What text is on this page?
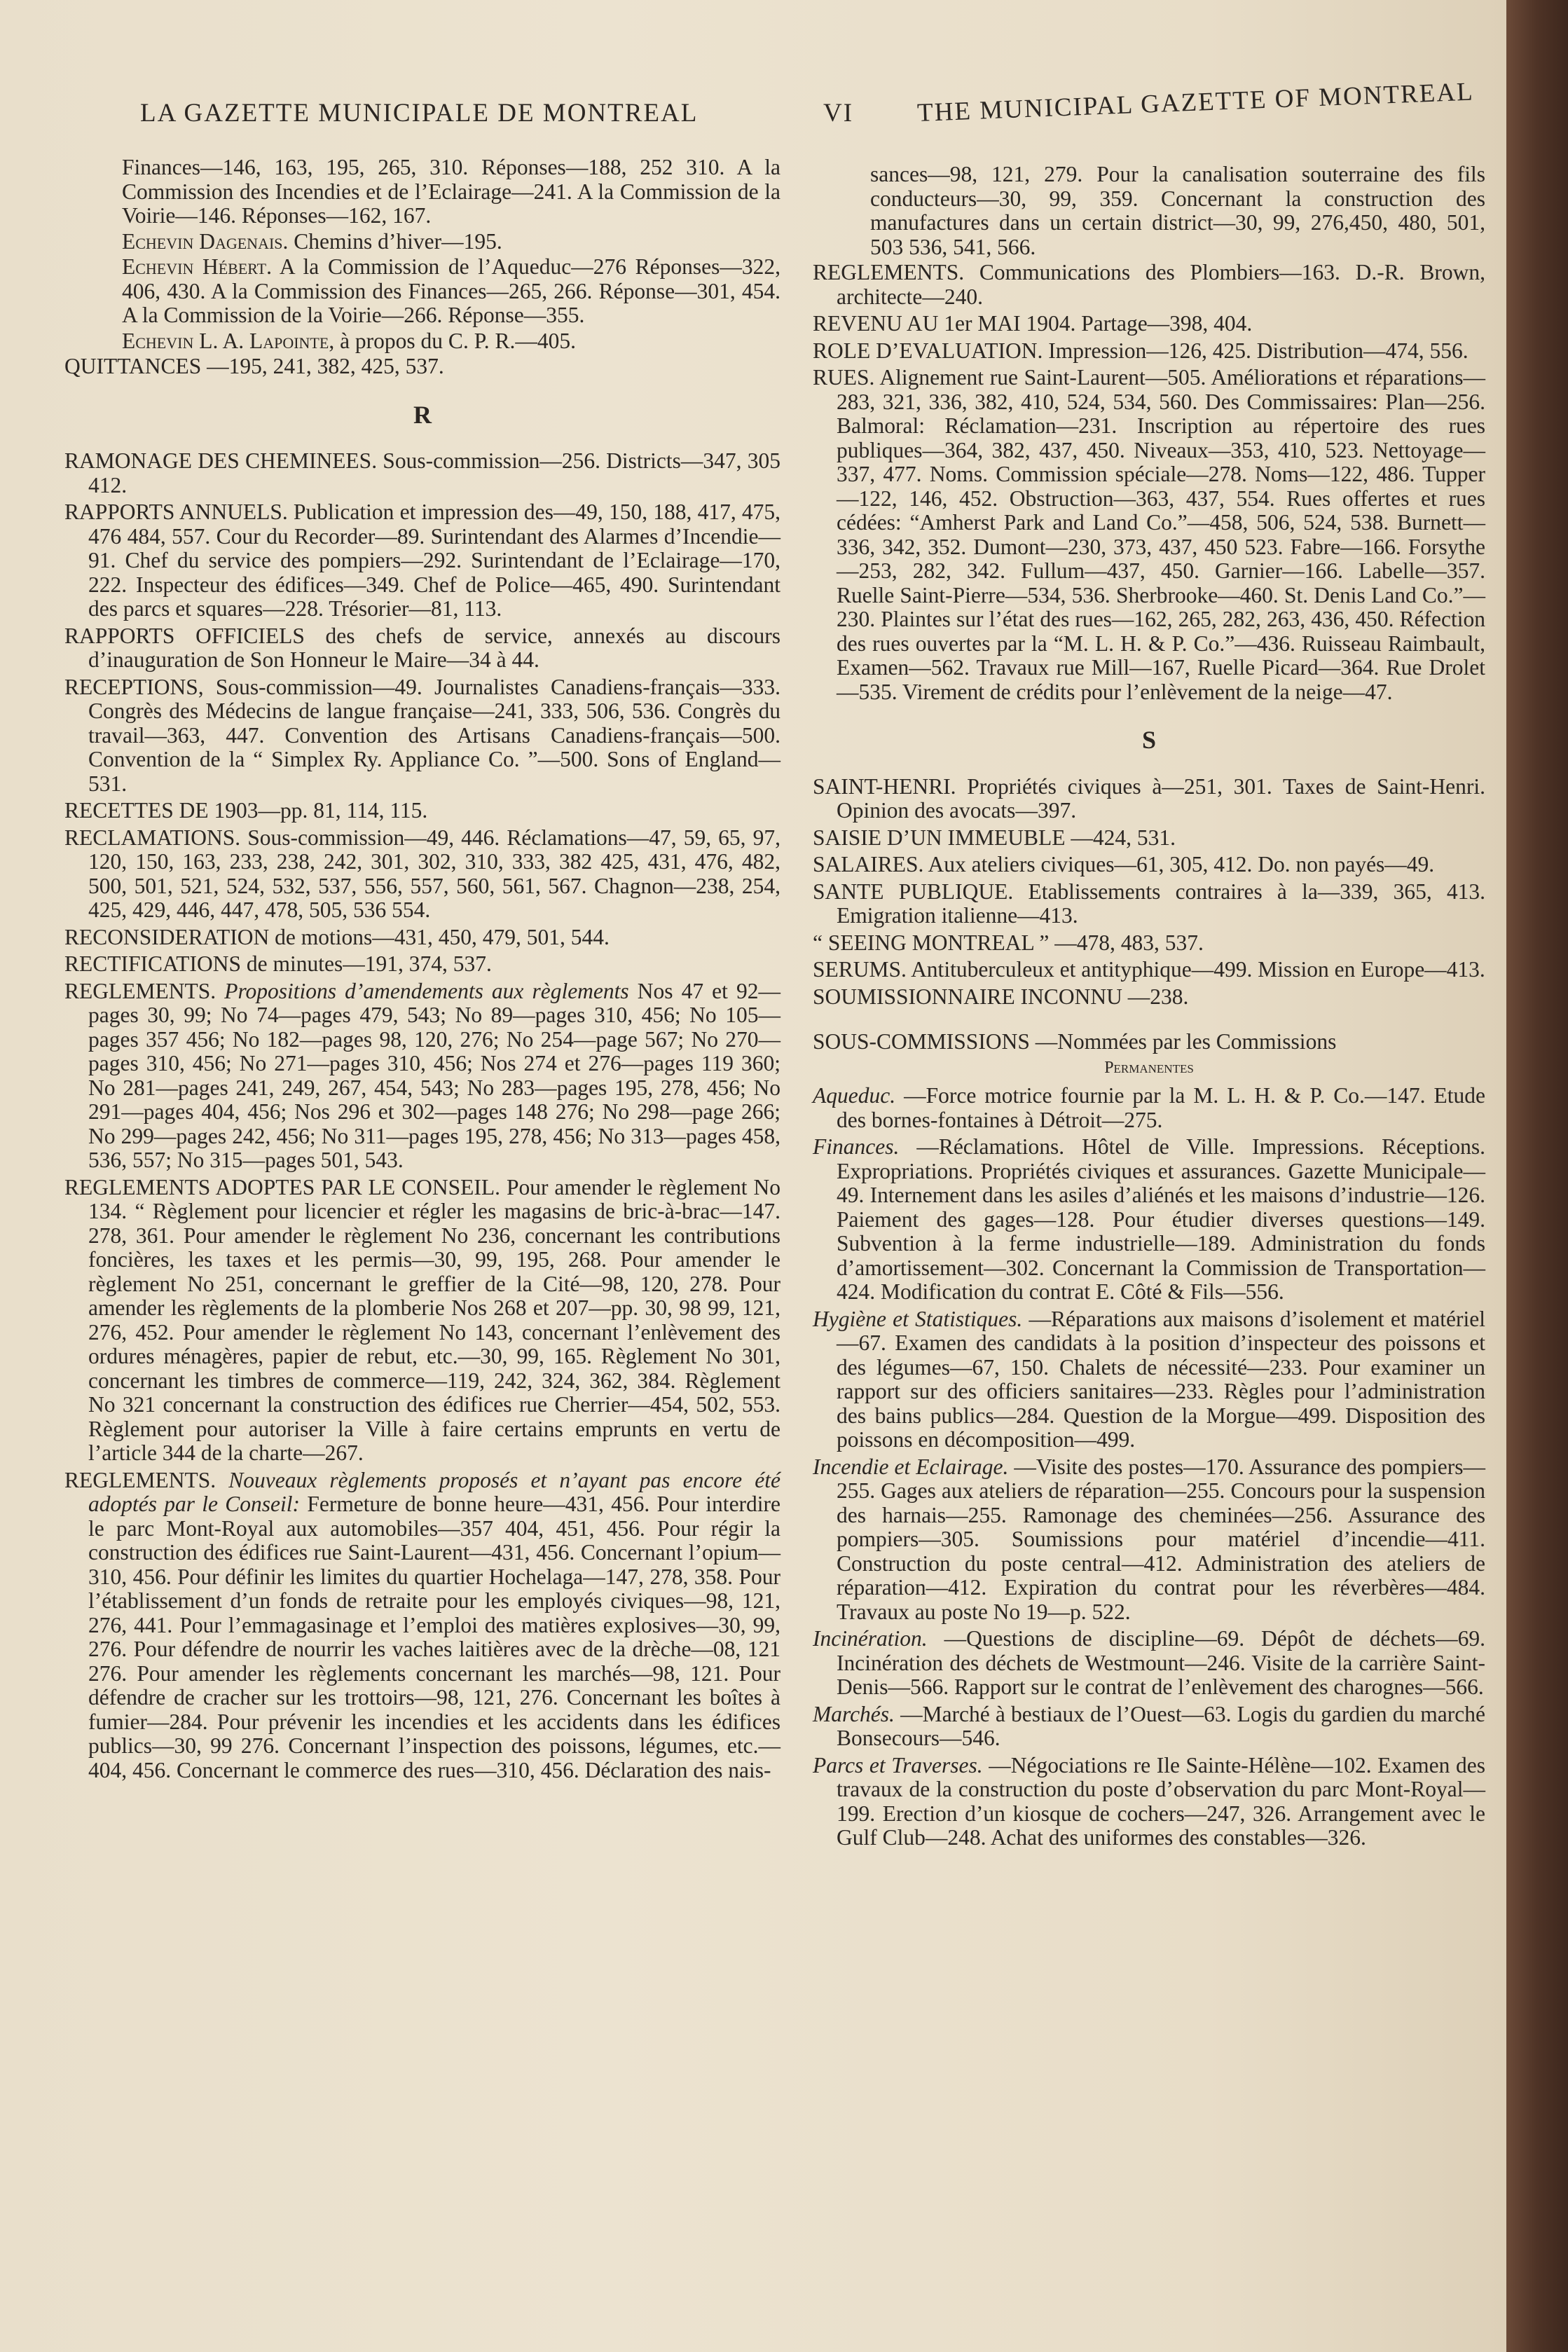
LA GAZETTE MUNICIPALE DE MONTREAL	VI THE MUNICIPAL GAZETTE OF MONTREAL
Finances—146, 163, 195, 265, 310. Réponses—188, 252 310. A la Commission des Incendies et de l’Eclairage—241. A la Commission de la Voirie—146. Réponses—162, 167.
Echevin Dagenais. Chemins d’hiver—195.
Echevin Hébert. A la Commission de l’Aqueduc—276 Réponses—322, 406, 430. A la Commission des Finances—265, 266. Réponse—301, 454. A la Commission de la Voirie—266. Réponse—355.
Echevin L. A. Lapointe, à propos du C. P. R.—405.
QUITTANCES —195, 241, 382, 425, 537.
R
RAMONAGE DES CHEMINEES. Sous-commission—256. Districts—347, 305 412.
RAPPORTS ANNUELS. Publication et impression des—49, 150, 188, 417, 475, 476 484, 557. Cour du Recorder—89. Surintendant des Alarmes d’Incendie—91. Chef du service des pompiers—292. Surintendant de l’Eclairage—170, 222. Inspecteur des édifices—349. Chef de Police—465, 490. Surintendant des parcs et squares—228. Trésorier—81, 113.
RAPPORTS OFFICIELS des chefs de service, annexés au discours d’inauguration de Son Honneur le Maire—34 à 44.
RECEPTIONS, Sous-commission—49. Journalistes Canadiens-français—333. Congrès des Médecins de langue française—241, 333, 506, 536. Congrès du travail—363, 447. Convention des Artisans Canadiens-français—500. Convention de la “ Simplex Ry. Appliance Co. ”—500. Sons of England—531.
RECETTES DE 1903—pp. 81, 114, 115.
RECLAMATIONS. Sous-commission—49, 446. Réclamations—47, 59, 65, 97, 120, 150, 163, 233, 238, 242, 301, 302, 310, 333, 382 425, 431, 476, 482, 500, 501, 521, 524, 532, 537, 556, 557, 560, 561, 567. Chagnon—238, 254, 425, 429, 446, 447, 478, 505, 536 554.
RECONSIDERATION de motions—431, 450, 479, 501, 544.
RECTIFICATIONS de minutes—191, 374, 537.
REGLEMENTS. Propositions d’amendements aux règlements Nos 47 et 92—pages 30, 99; No 74—pages 479, 543; No 89—pages 310, 456; No 105—pages 357 456; No 182—pages 98, 120, 276; No 254—page 567; No 270—pages 310, 456; No 271—pages 310, 456; Nos 274 et 276—pages 119 360; No 281—pages 241, 249, 267, 454, 543; No 283—pages 195, 278, 456; No 291—pages 404, 456; Nos 296 et 302—pages 148 276; No 298—page 266; No 299—pages 242, 456; No 311—pages 195, 278, 456; No 313—pages 458, 536, 557; No 315—pages 501, 543.
REGLEMENTS ADOPTES PAR LE CONSEIL. Pour amender le règlement No 134. “ Règlement pour licencier et régler les magasins de bric-à-brac—147. 278, 361. Pour amender le règlement No 236, concernant les contributions foncières, les taxes et les permis—30, 99, 195, 268. Pour amender le règlement No 251, concernant le greffier de la Cité—98, 120, 278. Pour amender les règlements de la plomberie Nos 268 et 207—pp. 30, 98 99, 121, 276, 452. Pour amender le règlement No 143, concernant l’enlèvement des ordures ménagères, papier de rebut, etc.—30, 99, 165. Règlement No 301, concernant les timbres de commerce—119, 242, 324, 362, 384. Règlement No 321 concernant la construction des édifices rue Cherrier—454, 502, 553. Règlement pour autoriser la Ville à faire certains emprunts en vertu de l’article 344 de la charte—267.
REGLEMENTS. Nouveaux règlements proposés et n’ayant pas encore été adoptés par le Conseil: Fermeture de bonne heure—431, 456. Pour interdire le parc Mont-Royal aux automobiles—357 404, 451, 456. Pour régir la construction des édifices rue Saint-Laurent—431, 456. Concernant l’opium—310, 456. Pour définir les limites du quartier Hochelaga—147, 278, 358. Pour l’établissement d’un fonds de retraite pour les employés civiques—98, 121, 276, 441. Pour l’emmagasinage et l’emploi des matières explosives—30, 99, 276. Pour défendre de nourrir les vaches laitières avec de la drèche—08, 121 276. Pour amender les règlements concernant les marchés—98, 121. Pour défendre de cracher sur les trottoirs—98, 121, 276. Concernant les boîtes à fumier—284. Pour prévenir les incendies et les accidents dans les édifices publics—30, 99 276. Concernant l’inspection des poissons, légumes, etc.—404, 456. Concernant le commerce des rues—310, 456. Déclaration des nais-
sances—98, 121, 279. Pour la canalisation souterraine des fils conducteurs—30, 99, 359. Concernant la construction des manufactures dans un certain district—30, 99, 276,450, 480, 501, 503 536, 541, 566.
REGLEMENTS. Communications des Plombiers—163. D.-R. Brown, architecte—240.
REVENU AU 1er MAI 1904. Partage—398, 404.
ROLE D’EVALUATION. Impression—126, 425. Distribution—474, 556.
RUES. Alignement rue Saint-Laurent—505. Améliorations et réparations—283, 321, 336, 382, 410, 524, 534, 560. Des Commissaires: Plan—256. Balmoral: Réclamation—231. Inscription au répertoire des rues publiques—364, 382, 437, 450. Niveaux—353, 410, 523. Nettoyage—337, 477. Noms. Commission spéciale—278. Noms—122, 486. Tupper—122, 146, 452. Obstruction—363, 437, 554. Rues offertes et rues cédées: “Amherst Park and Land Co.”—458, 506, 524, 538. Burnett—336, 342, 352. Dumont—230, 373, 437, 450 523. Fabre—166. Forsythe—253, 282, 342. Fullum—437, 450. Garnier—166. Labelle—357. Ruelle Saint-Pierre—534, 536. Sherbrooke—460. St. Denis Land Co.”—230. Plaintes sur l’état des rues—162, 265, 282, 263, 436, 450. Réfection des rues ouvertes par la “M. L. H. & P. Co.”—436. Ruisseau Raimbault, Examen—562. Travaux rue Mill—167, Ruelle Picard—364. Rue Drolet—535. Virement de crédits pour l’enlèvement de la neige—47.
S
SAINT-HENRI. Propriétés civiques à—251, 301. Taxes de Saint-Henri. Opinion des avocats—397.
SAISIE D’UN IMMEUBLE —424, 531.
SALAIRES. Aux ateliers civiques—61, 305, 412. Do. non payés—49.
SANTE PUBLIQUE. Etablissements contraires à la—339, 365, 413. Emigration italienne—413.
“ SEEING MONTREAL ” —478, 483, 537.
SERUMS. Antituberculeux et antityphique—499. Mission en Europe—413.
SOUMISSIONNAIRE INCONNU —238.
SOUS-COMMISSIONS —Nommées par les Commissions
Permanentes
Aqueduc. —Force motrice fournie par la M. L. H. & P. Co.—147. Etude des bornes-fontaines à Détroit—275.
Finances. —Réclamations. Hôtel de Ville. Impressions. Réceptions. Expropriations. Propriétés civiques et assurances. Gazette Municipale—49. Internement dans les asiles d’aliénés et les maisons d’industrie—126. Paiement des gages—128. Pour étudier diverses questions—149. Subvention à la ferme industrielle—189. Administration du fonds d’amortissement—302. Concernant la Commission de Transportation—424. Modification du contrat E. Côté & Fils—556.
Hygiène et Statistiques. —Réparations aux maisons d’isolement et matériel—67. Examen des candidats à la position d’inspecteur des poissons et des légumes—67, 150. Chalets de nécessité—233. Pour examiner un rapport sur des officiers sanitaires—233. Règles pour l’administration des bains publics—284. Question de la Morgue—499. Disposition des poissons en décomposition—499.
Incendie et Eclairage. —Visite des postes—170. Assurance des pompiers—255. Gages aux ateliers de réparation—255. Concours pour la suspension des harnais—255. Ramonage des cheminées—256. Assurance des pompiers—305. Soumissions pour matériel d’incendie—411. Construction du poste central—412. Administration des ateliers de réparation—412. Expiration du contrat pour les réverbères—484. Travaux au poste No 19—p. 522.
Incinération. —Questions de discipline—69. Dépôt de déchets—69. Incinération des déchets de Westmount—246. Visite de la carrière Saint-Denis—566. Rapport sur le contrat de l’enlèvement des charognes—566.
Marchés. —Marché à bestiaux de l’Ouest—63. Logis du gardien du marché Bonsecours—546.
Parcs et Traverses. —Négociations re Ile Sainte-Hélène—102. Examen des travaux de la construction du poste d’observation du parc Mont-Royal—199. Erection d’un kiosque de cochers—247, 326. Arrangement avec le Gulf Club—248. Achat des uniformes des constables—326.
